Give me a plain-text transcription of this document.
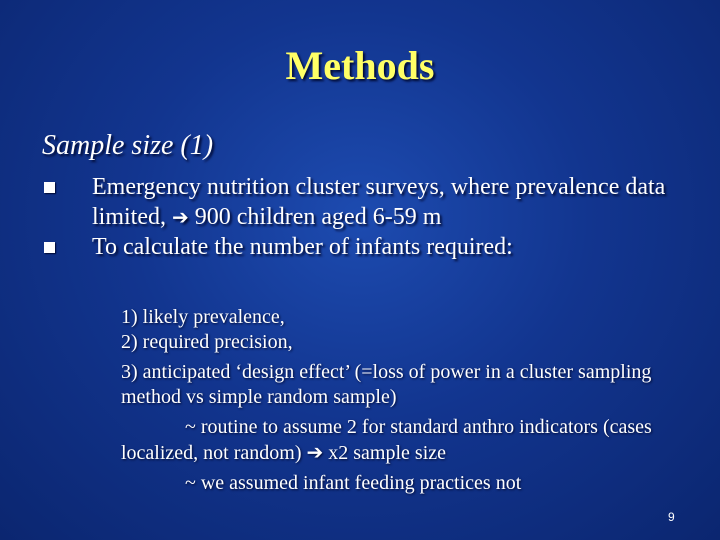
Methods
Sample size (1)
Emergency nutrition cluster surveys, where prevalence data limited, ➔ 900 children aged 6-59 m
To calculate the number of infants required:
1) likely prevalence,
2) required precision,
3) anticipated ‘design effect’ (=loss of power in a cluster sampling method vs simple random sample)
~ routine to assume 2 for standard anthro indicators (cases localized, not random) ➔ x2 sample size
~ we assumed infant feeding practices not
9
